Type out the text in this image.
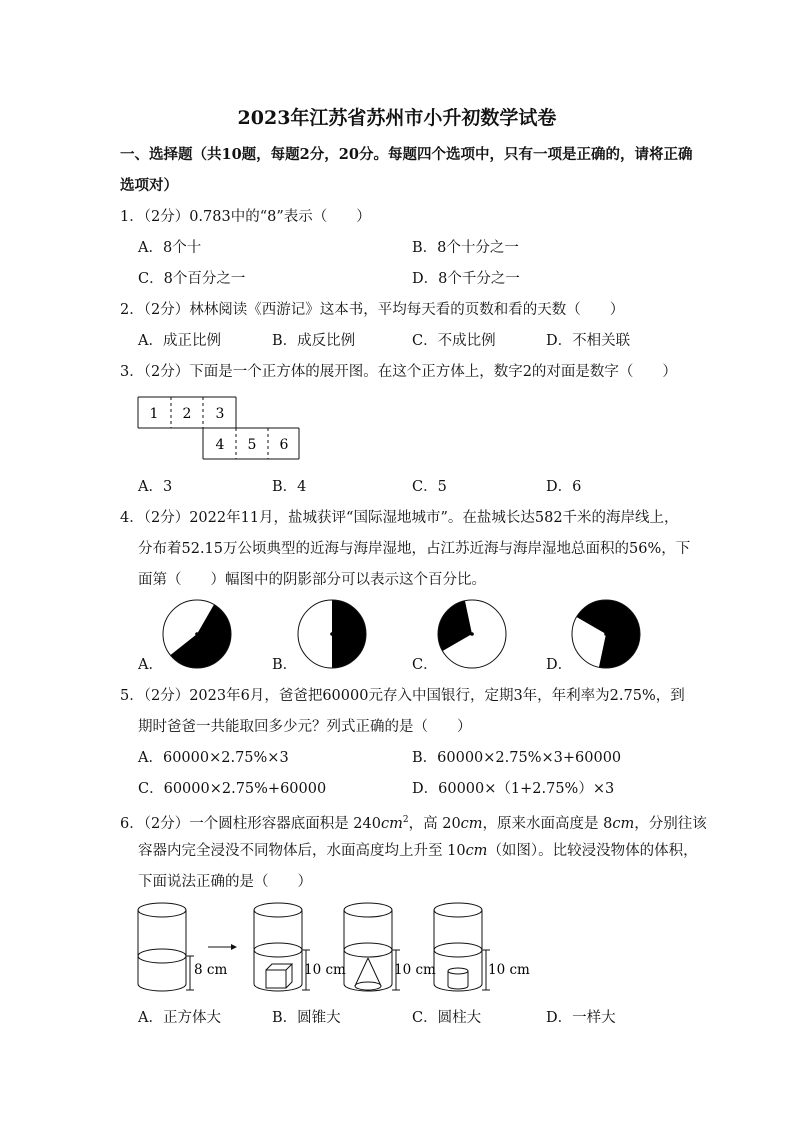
2023年江苏省苏州市小升初数学试卷
一、选择题（共10题，每题2分，20分。每题四个选项中，只有一项是正确的，请将正确
选项对）
1．（2分）0.783中的“8”表示（　　）
A．8个十	B．8个十分之一
C．8个百分之一	D．8个千分之一
2．（2分）林林阅读《西游记》这本书，平均每天看的页数和看的天数（　　）
A．成正比例	B．成反比例	C．不成比例	D．不相关联
3．（2分）下面是一个正方体的展开图。在这个正方体上，数字2的对面是数字（　　）
1 2 3
4 5 6
A．3	B．4	C．5	D．6
4．（2分）2022年11月，盐城获评“国际湿地城市”。在盐城长达582千米的海岸线上，
分布着52.15万公顷典型的近海与海岸湿地，占江苏近海与海岸湿地总面积的56%，下
面第（　　）幅图中的阴影部分可以表示这个百分比。
A．	B．	C．	D．
5．（2分）2023年6月，爸爸把60000元存入中国银行，定期3年，年利率为2.75%，到
期时爸爸一共能取回多少元？列式正确的是（　　）
A．60000×2.75%×3	B．60000×2.75%×3+60000
C．60000×2.75%+60000	D．60000×（1+2.75%）×3
6．（2分）一个圆柱形容器底面积是 $240cm^2$，高 20cm，原来水面高度是 8cm，分别往该
容器内完全浸没不同物体后，水面高度均上升至 10cm（如图）。比较浸没物体的体积，
下面说法正确的是（　　）
8 cm	10 cm	10 cm	10 cm
A．正方体大	B．圆锥大	C．圆柱大	D．一样大
